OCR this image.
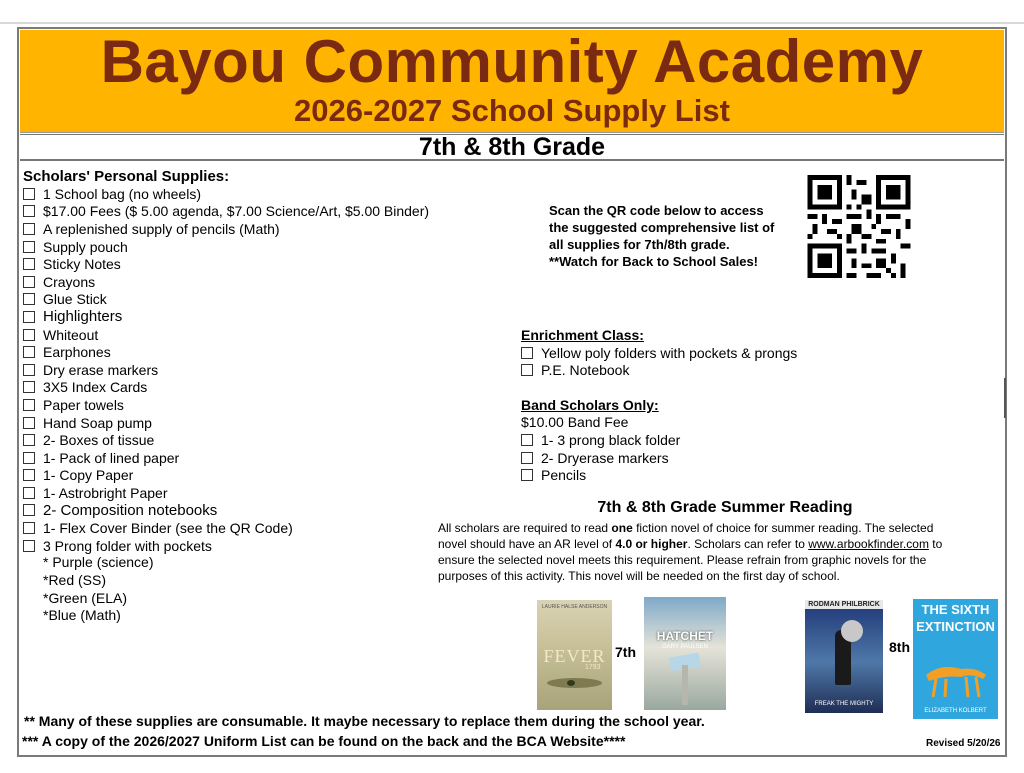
Bayou Community Academy
2026-2027 School Supply List
7th & 8th Grade
Scholars' Personal Supplies:
1 School bag (no wheels)
$17.00 Fees ($ 5.00 agenda, $7.00 Science/Art, $5.00 Binder)
A replenished supply of pencils (Math)
Supply pouch
Sticky Notes
Crayons
Glue Stick
Highlighters
Whiteout
Earphones
Dry erase markers
3X5 Index Cards
Paper towels
Hand Soap pump
2- Boxes of tissue
1- Pack of lined paper
1- Copy Paper
1- Astrobright Paper
2- Composition notebooks
1- Flex Cover Binder (see the QR Code)
3 Prong folder with pockets
* Purple (science)
*Red (SS)
*Green (ELA)
*Blue (Math)
Scan the QR code below to access
the suggested comprehensive list of
all supplies for 7th/8th grade.
**Watch for Back to School Sales!
Enrichment Class:
Yellow poly folders with pockets & prongs
P.E. Notebook
Band Scholars Only:
$10.00 Band Fee
1- 3 prong black folder
2- Dryerase markers
Pencils
7th & 8th Grade Summer Reading
All scholars are required to read one fiction novel of choice for summer reading. The selected
novel should have an AR level of 4.0 or higher. Scholars can refer to www.arbookfinder.com to
ensure the selected novel meets this requirement. Please refrain from graphic novels for the
purposes of this activity. This novel will be needed on the first day of school.
LAURIE HALSE ANDERSON
FEVER
1793
7th
HATCHET
GARY PAULSEN
RODMAN PHILBRICK
FREAK THE MIGHTY
8th
THE SIXTH
EXTINCTION
ELIZABETH KOLBERT
** Many of these supplies are consumable. It maybe necessary to replace them during the school year.
*** A copy of the 2026/2027 Uniform List can be found on the back and the BCA Website****	Revised 5/20/26
